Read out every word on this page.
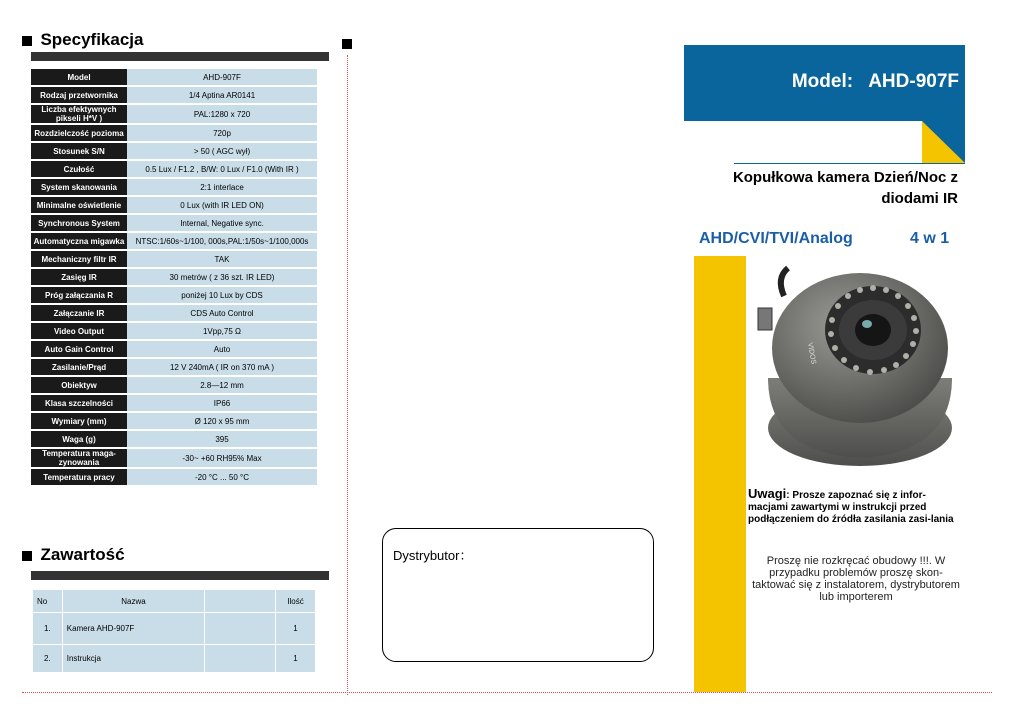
Specyfikacja
Model	AHD-907F
Rodzaj przetwornika	1/4 Aptina AR0141
Liczba efektywnych pikseli H*V )	PAL:1280 x 720
Rozdzielczość pozioma	720p
Stosunek S/N	> 50 ( AGC wył)
Czułość	0.5 Lux / F1.2 , B/W: 0 Lux / F1.0 (With IR )
System skanowania	2:1 interlace
Minimalne oświetlenie	0 Lux (with IR LED ON)
Synchronous System	Internal, Negative sync.
Automatyczna migawka	NTSC:1/60s~1/100, 000s,PAL:1/50s~1/100,000s
Mechaniczny filtr IR	TAK
Zasięg IR	30 metrów ( z 36 szt. IR LED)
Próg załączania R	poniżej 10 Lux by CDS
Załączanie IR	CDS Auto Control
Video Output	1Vpp,75 Ω
Auto Gain Control	Auto
Zasilanie/Prąd	12 V 240mA ( IR on 370 mA )
Obiektyw	2.8—12 mm
Klasa szczelności	IP66
Wymiary (mm)	Ø 120 x 95 mm
Waga (g)	395
Temperatura maga-zynowania	-30~ +60 RH95% Max
Temperatura pracy	-20 °C ... 50 °C
Zawartość
No	Nazwa		Ilość
1.	Kamera AHD-907F		1
2.	Instrukcja		1
Dystrybutor：
Model:   AHD-907F
Kopułkowa kamera Dzień/Noc z diodami IR
AHD/CVI/TVI/Analog	4 w 1
VIDOS
Uwagi: Prosze zapoznać się z infor-macjami zawartymi w instrukcji przed podłączeniem do źródła zasilania zasi-lania
Proszę nie rozkręcać obudowy !!!. W przypadku problemów proszę skon-taktować się z instalatorem, dystrybutorem lub importerem
